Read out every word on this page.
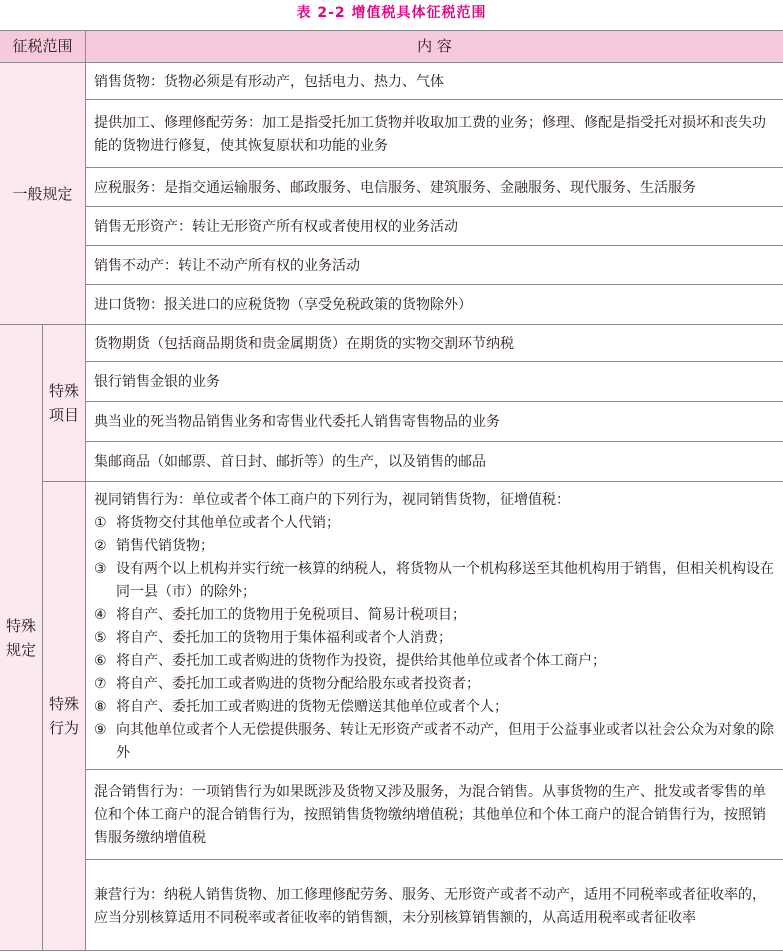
表 2-2 增值税具体征税范围
征税范围	内 容
一般规定
销售货物：货物必须是有形动产，包括电力、热力、气体
提供加工、修理修配劳务：加工是指受托加工货物并收取加工费的业务；修理、修配是指受托对损坏和丧失功能的货物进行修复，使其恢复原状和功能的业务
应税服务：是指交通运输服务、邮政服务、电信服务、建筑服务、金融服务、现代服务、生活服务
销售无形资产：转让无形资产所有权或者使用权的业务活动
销售不动产：转让不动产所有权的业务活动
进口货物：报关进口的应税货物（享受免税政策的货物除外）
特殊规定
特殊项目
货物期货（包括商品期货和贵金属期货）在期货的实物交割环节纳税
银行销售金银的业务
典当业的死当物品销售业务和寄售业代委托人销售寄售物品的业务
集邮商品（如邮票、首日封、邮折等）的生产，以及销售的邮品
特殊行为
视同销售行为：单位或者个体工商户的下列行为，视同销售货物，征增值税：
① 将货物交付其他单位或者个人代销；
② 销售代销货物；
③ 设有两个以上机构并实行统一核算的纳税人，将货物从一个机构移送至其他机构用于销售，但相关机构设在同一县（市）的除外；
④ 将自产、委托加工的货物用于免税项目、简易计税项目；
⑤ 将自产、委托加工的货物用于集体福利或者个人消费；
⑥ 将自产、委托加工或者购进的货物作为投资，提供给其他单位或者个体工商户；
⑦ 将自产、委托加工或者购进的货物分配给股东或者投资者；
⑧ 将自产、委托加工或者购进的货物无偿赠送其他单位或者个人；
⑨ 向其他单位或者个人无偿提供服务、转让无形资产或者不动产，但用于公益事业或者以社会公众为对象的除外
混合销售行为：一项销售行为如果既涉及货物又涉及服务，为混合销售。从事货物的生产、批发或者零售的单位和个体工商户的混合销售行为，按照销售货物缴纳增值税；其他单位和个体工商户的混合销售行为，按照销售服务缴纳增值税
兼营行为：纳税人销售货物、加工修理修配劳务、服务、无形资产或者不动产，适用不同税率或者征收率的，应当分别核算适用不同税率或者征收率的销售额，未分别核算销售额的，从高适用税率或者征收率
